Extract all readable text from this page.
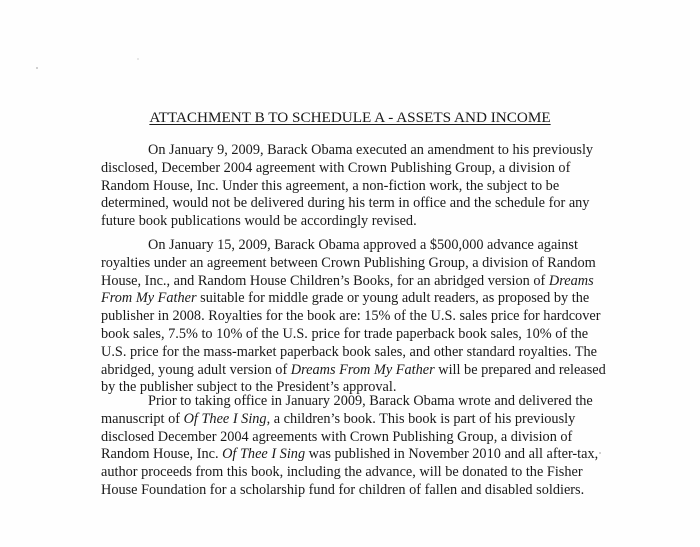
ATTACHMENT B TO SCHEDULE A - ASSETS AND INCOME
On January 9, 2009, Barack Obama executed an amendment to his previously
disclosed, December 2004 agreement with Crown Publishing Group, a division of
Random House, Inc. Under this agreement, a non-fiction work, the subject to be
determined, would not be delivered during his term in office and the schedule for any
future book publications would be accordingly revised.
On January 15, 2009, Barack Obama approved a $500,000 advance against
royalties under an agreement between Crown Publishing Group, a division of Random
House, Inc., and Random House Children’s Books, for an abridged version of Dreams
From My Father suitable for middle grade or young adult readers, as proposed by the
publisher in 2008. Royalties for the book are: 15% of the U.S. sales price for hardcover
book sales, 7.5% to 10% of the U.S. price for trade paperback book sales, 10% of the
U.S. price for the mass-market paperback book sales, and other standard royalties. The
abridged, young adult version of Dreams From My Father will be prepared and released
by the publisher subject to the President’s approval.
Prior to taking office in January 2009, Barack Obama wrote and delivered the
manuscript of Of Thee I Sing, a children’s book. This book is part of his previously
disclosed December 2004 agreements with Crown Publishing Group, a division of
Random House, Inc. Of Thee I Sing was published in November 2010 and all after-tax,
author proceeds from this book, including the advance, will be donated to the Fisher
House Foundation for a scholarship fund for children of fallen and disabled soldiers.
